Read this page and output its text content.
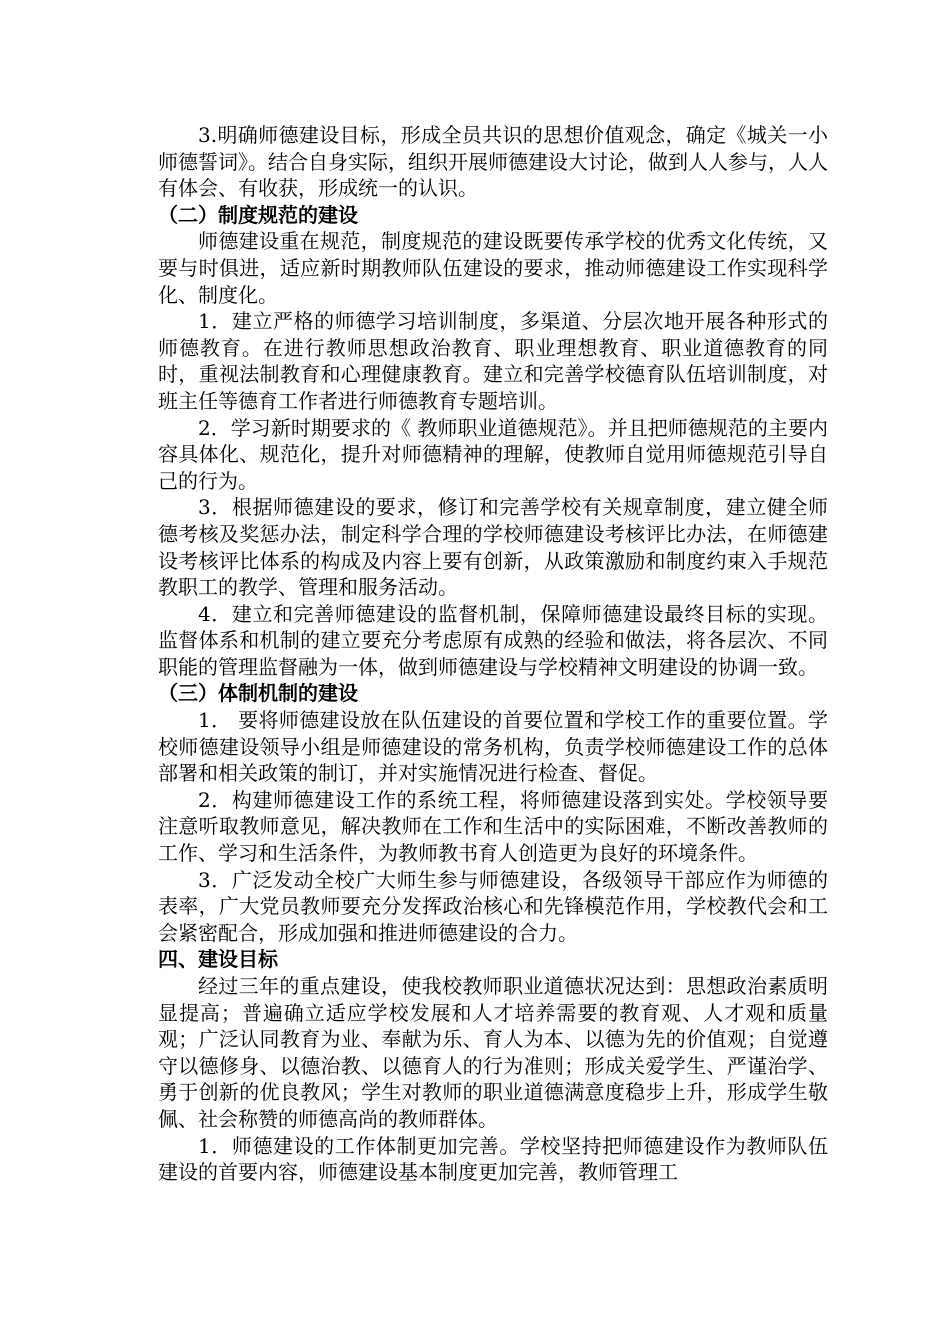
3.明确师德建设目标，形成全员共识的思想价值观念，确定《城关一小师德誓词》。结合自身实际，组织开展师德建设大讨论，做到人人参与，人人有体会、有收获，形成统一的认识。

（二）制度规范的建设

师德建设重在规范，制度规范的建设既要传承学校的优秀文化传统，又要与时俱进，适应新时期教师队伍建设的要求，推动师德建设工作实现科学化、制度化。

1．建立严格的师德学习培训制度，多渠道、分层次地开展各种形式的师德教育。在进行教师思想政治教育、职业理想教育、职业道德教育的同时，重视法制教育和心理健康教育。建立和完善学校德育队伍培训制度，对班主任等德育工作者进行师德教育专题培训。

2．学习新时期要求的《 教师职业道德规范》。并且把师德规范的主要内容具体化、规范化，提升对师德精神的理解，使教师自觉用师德规范引导自己的行为。

3．根据师德建设的要求，修订和完善学校有关规章制度，建立健全师德考核及奖惩办法，制定科学合理的学校师德建设考核评比办法，在师德建设考核评比体系的构成及内容上要有创新，从政策激励和制度约束入手规范教职工的教学、管理和服务活动。

4．建立和完善师德建设的监督机制，保障师德建设最终目标的实现。监督体系和机制的建立要充分考虑原有成熟的经验和做法，将各层次、不同职能的管理监督融为一体，做到师德建设与学校精神文明建设的协调一致。

（三）体制机制的建设

1． 要将师德建设放在队伍建设的首要位置和学校工作的重要位置。学校师德建设领导小组是师德建设的常务机构，负责学校师德建设工作的总体部署和相关政策的制订，并对实施情况进行检查、督促。

2．构建师德建设工作的系统工程，将师德建设落到实处。学校领导要注意听取教师意见，解决教师在工作和生活中的实际困难，不断改善教师的工作、学习和生活条件，为教师教书育人创造更为良好的环境条件。

3．广泛发动全校广大师生参与师德建设，各级领导干部应作为师德的表率，广大党员教师要充分发挥政治核心和先锋模范作用，学校教代会和工会紧密配合，形成加强和推进师德建设的合力。

四、建设目标

经过三年的重点建设，使我校教师职业道德状况达到：思想政治素质明显提高；普遍确立适应学校发展和人才培养需要的教育观、人才观和质量观；广泛认同教育为业、奉献为乐、育人为本、以德为先的价值观；自觉遵守以德修身、以德治教、以德育人的行为准则；形成关爱学生、严谨治学、勇于创新的优良教风；学生对教师的职业道德满意度稳步上升，形成学生敬佩、社会称赞的师德高尚的教师群体。

1．师德建设的工作体制更加完善。学校坚持把师德建设作为教师队伍建设的首要内容，师德建设基本制度更加完善，教师管理工
